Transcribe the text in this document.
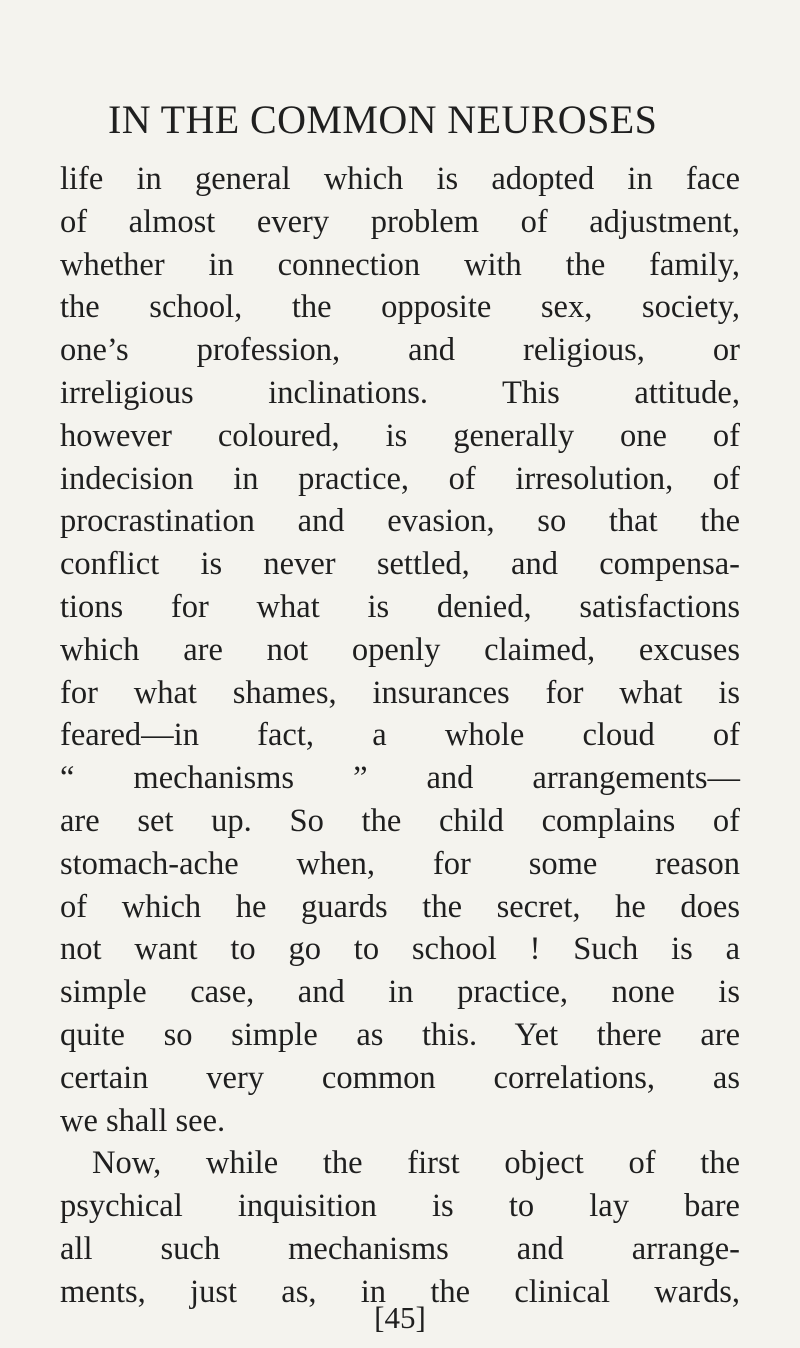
IN THE COMMON NEUROSES
life in general which is adopted in face
of almost every problem of adjustment,
whether in connection with the family,
the school, the opposite sex, society,
one’s profession, and religious, or
irreligious inclinations. This attitude,
however coloured, is generally one of
indecision in practice, of irresolution, of
procrastination and evasion, so that the
conflict is never settled, and compensa-
tions for what is denied, satisfactions
which are not openly claimed, excuses
for what shames, insurances for what is
feared—in fact, a whole cloud of
“ mechanisms ” and arrangements—
are set up. So the child complains of
stomach-ache when, for some reason
of which he guards the secret, he does
not want to go to school ! Such is a
simple case, and in practice, none is
quite so simple as this. Yet there are
certain very common correlations, as
we shall see.
Now, while the first object of the
psychical inquisition is to lay bare
all such mechanisms and arrange-
ments, just as, in the clinical wards,
[45]
